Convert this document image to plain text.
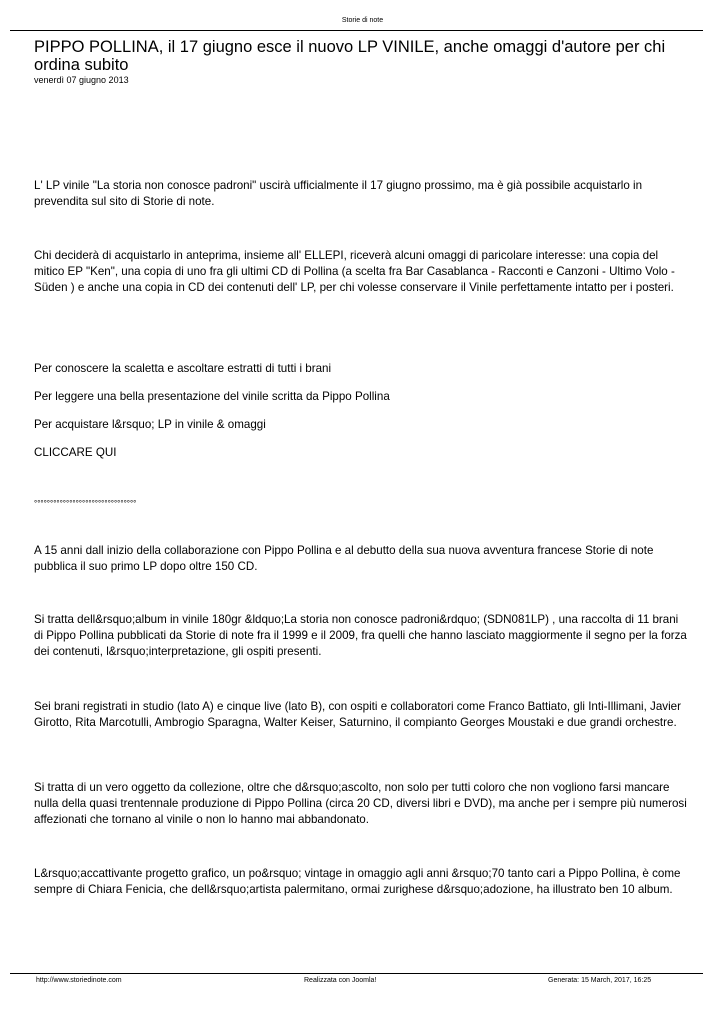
Storie di note
PIPPO POLLINA, il 17 giugno esce il nuovo LP VINILE, anche omaggi d'autore per chi ordina subito
venerdì 07 giugno 2013

L' LP vinile "La storia non conosce padroni" uscirà ufficialmente il 17 giugno prossimo, ma è già possibile acquistarlo in prevendita sul sito di Storie di note.

Chi deciderà di acquistarlo in anteprima, insieme all' ELLEPI, riceverà alcuni omaggi di paricolare interesse: una copia del mitico EP "Ken", una copia di uno fra gli ultimi CD di Pollina (a scelta fra Bar Casablanca - Racconti e Canzoni - Ultimo Volo - Süden ) e anche una copia in CD dei contenuti dell' LP, per chi volesse conservare il Vinile perfettamente intatto per i posteri.

Per conoscere la scaletta e ascoltare estratti di tutti i brani

Per leggere una bella presentazione del vinile scritta da Pippo Pollina

Per acquistare l&rsquo; LP in vinile & omaggi

CLICCARE QUI

°°°°°°°°°°°°°°°°°°°°°°°°°°°°°°°°

A 15 anni dall inizio della collaborazione con Pippo Pollina e al debutto della sua nuova avventura francese Storie di note pubblica il suo primo LP dopo oltre 150 CD.

Si tratta dell&rsquo;album in vinile 180gr &ldquo;La storia non conosce padroni&rdquo; (SDN081LP) , una raccolta di 11 brani di Pippo Pollina pubblicati da Storie di note fra il 1999 e il 2009, fra quelli che hanno lasciato maggiormente il segno per la forza dei contenuti, l&rsquo;interpretazione, gli ospiti presenti.

Sei brani registrati in studio (lato A) e cinque live (lato B), con ospiti e collaboratori come Franco Battiato, gli Inti-Illimani, Javier Girotto, Rita Marcotulli, Ambrogio Sparagna, Walter Keiser, Saturnino, il compianto Georges Moustaki e due grandi orchestre.

Si tratta di un vero oggetto da collezione, oltre che d&rsquo;ascolto, non solo per tutti coloro che non vogliono farsi mancare nulla della quasi trentennale produzione di Pippo Pollina (circa 20 CD, diversi libri e DVD), ma anche per i sempre più numerosi affezionati che tornano al vinile o non lo hanno mai abbandonato.

L&rsquo;accattivante progetto grafico, un po&rsquo; vintage in omaggio agli anni &rsquo;70 tanto cari a Pippo Pollina, è come sempre di Chiara Fenicia, che dell&rsquo;artista palermitano, ormai zurighese d&rsquo;adozione, ha illustrato ben 10 album.

http://www.storiedinote.com	Realizzata con Joomla!	Generata: 15 March, 2017, 16:25
